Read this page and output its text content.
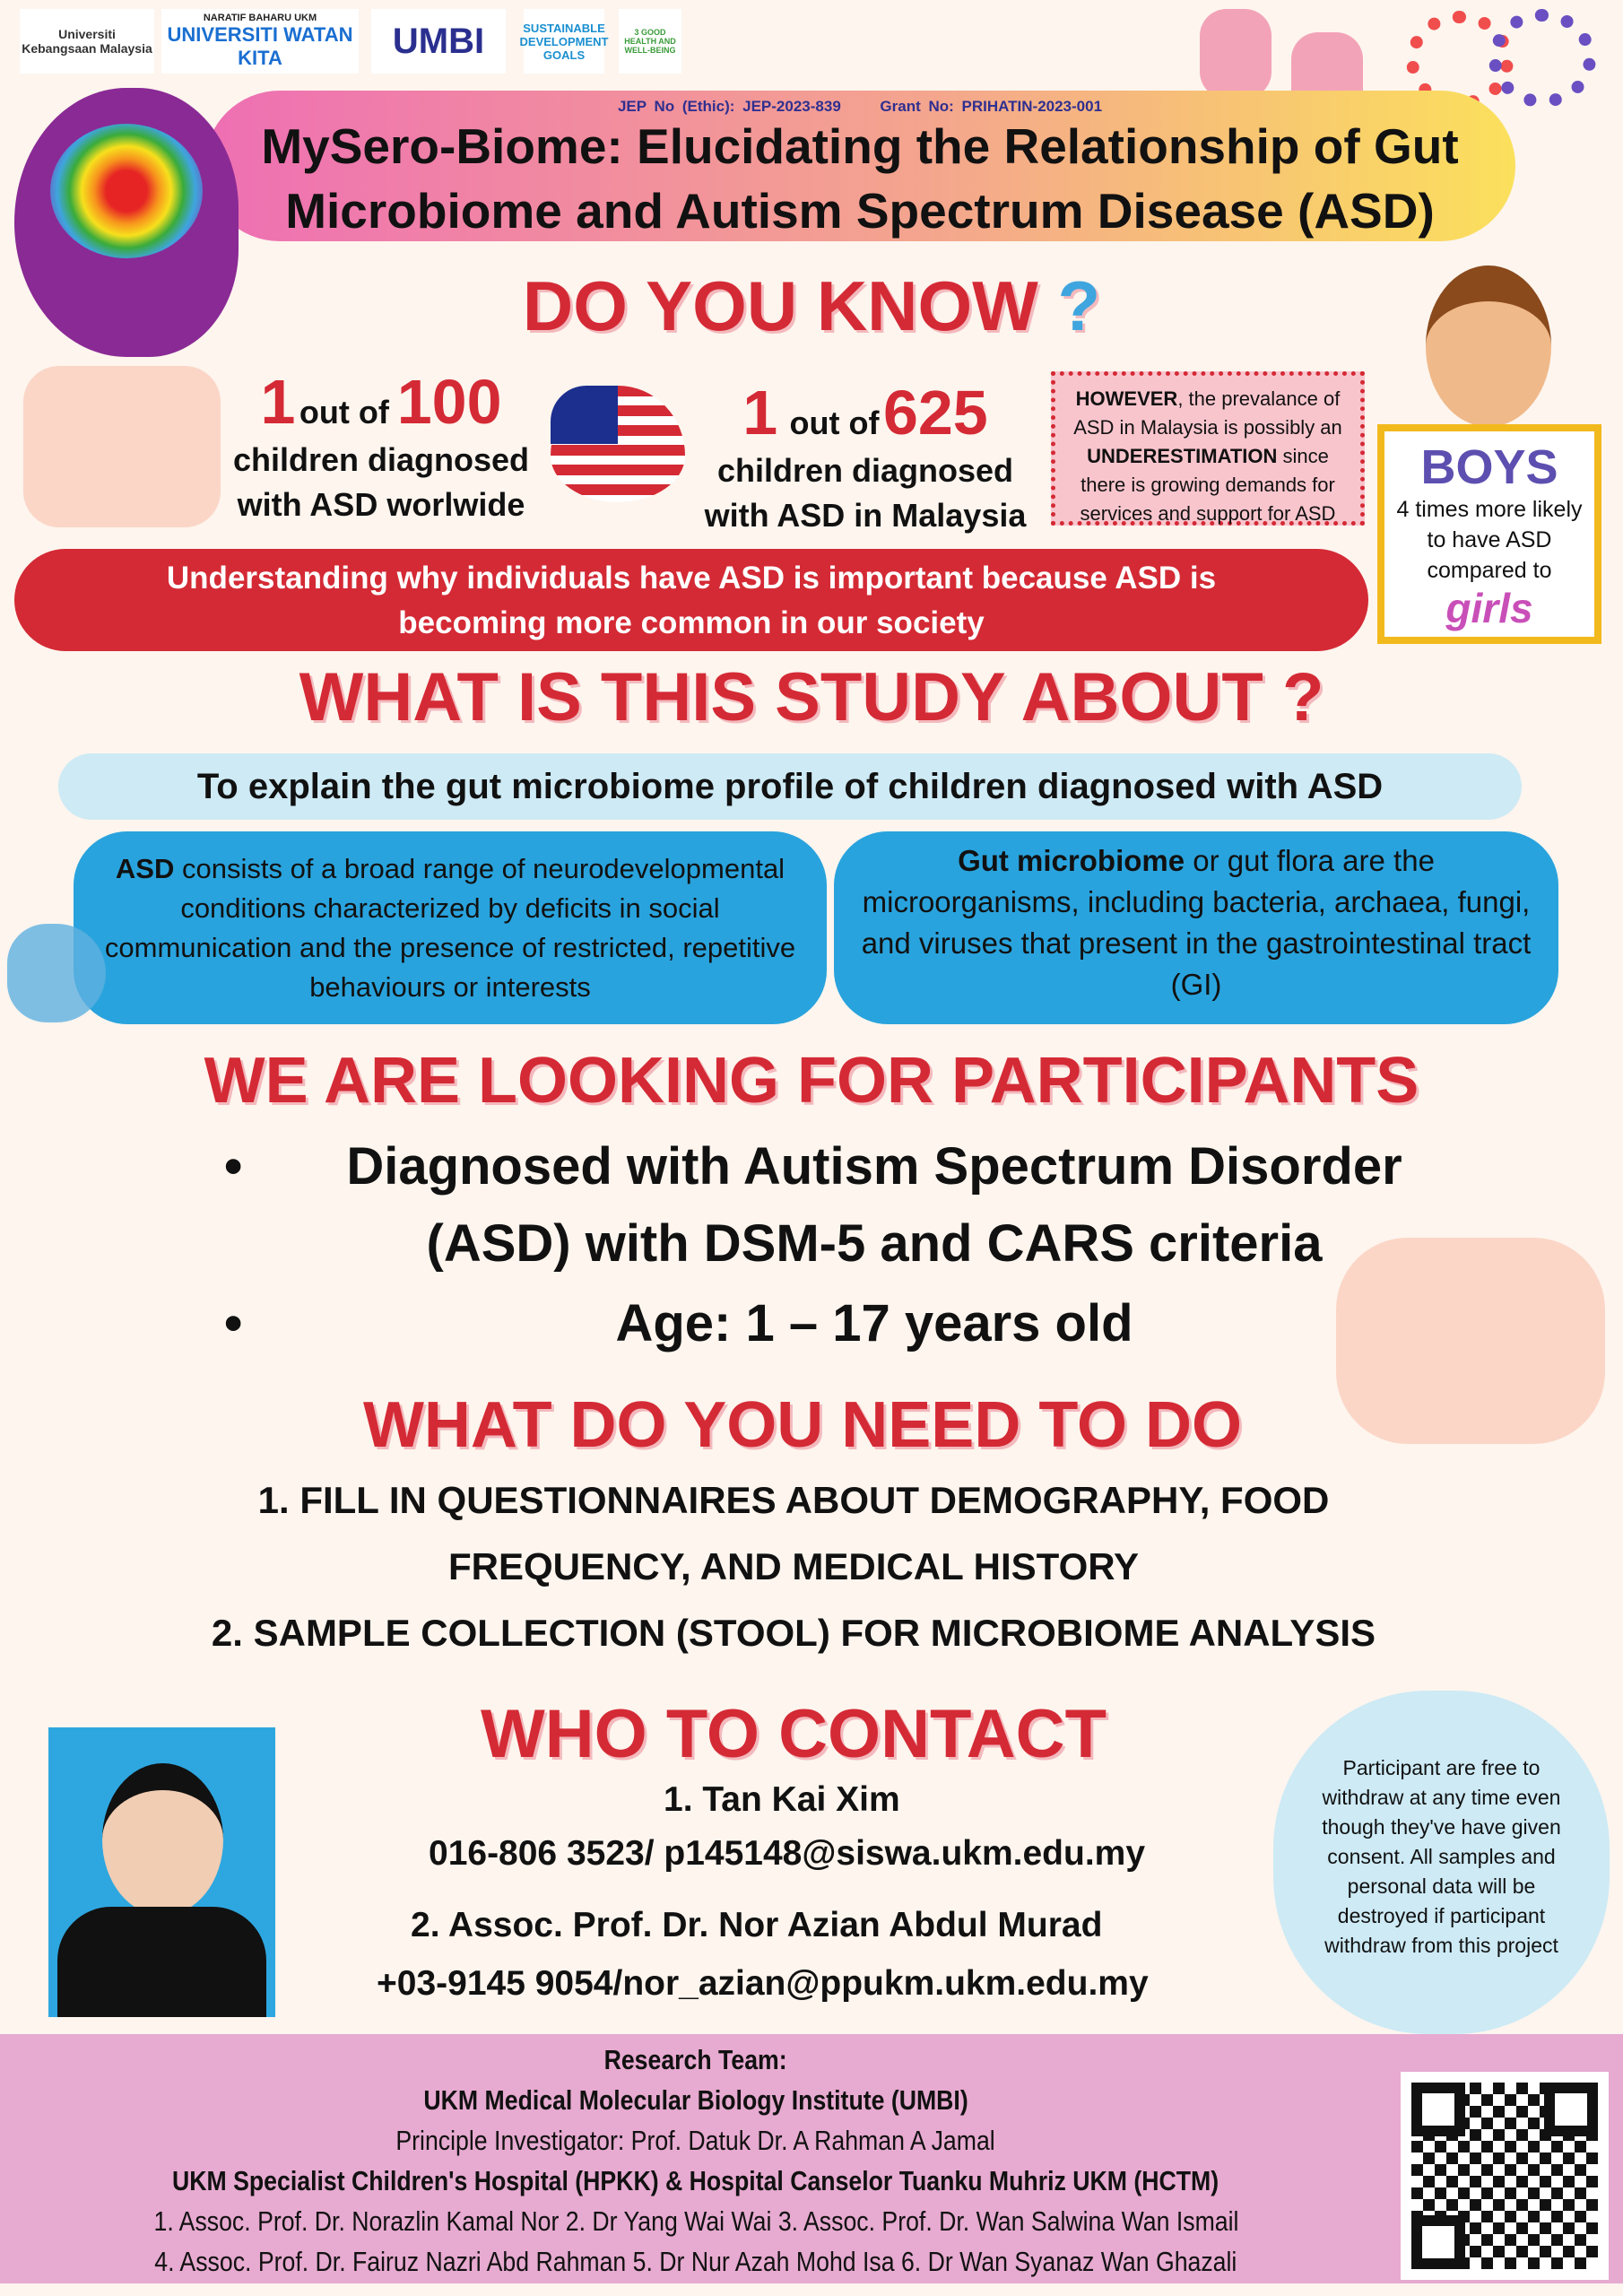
Universiti Kebangsaan Malaysia
NARATIF BAHARU UKM
UNIVERSITI WATAN KITA	UMBI	SUSTAINABLE DEVELOPMENT GOALS
3 GOOD HEALTH AND WELL-BEING
JEP No (Ethic): JEP-2023-839	Grant No: PRIHATIN-2023-001
MySero-Biome: Elucidating the Relationship of Gut
Microbiome and Autism Spectrum Disease (ASD)
DO YOU KNOW ?
1 out of 100
children diagnosed
with ASD worlwide
1 out of 625
children diagnosed
with ASD in Malaysia
HOWEVER, the prevalance of ASD in Malaysia is possibly an UNDERESTIMATION since there is growing demands for services and support for ASD
BOYS
4 times more likely
to have ASD
compared to
girls
Understanding why individuals have ASD is important because ASD is
becoming more common in our society
WHAT IS THIS STUDY ABOUT ?
To explain the gut microbiome profile of children diagnosed with ASD
ASD consists of a broad range of neurodevelopmental conditions characterized by deficits in social communication and the presence of restricted, repetitive behaviours or interests
Gut microbiome or gut flora are the microorganisms, including bacteria, archaea, fungi, and viruses that present in the gastrointestinal tract (GI)
WE ARE LOOKING FOR PARTICIPANTS
•	Diagnosed with Autism Spectrum Disorder
(ASD) with DSM-5 and CARS criteria
•	Age: 1 – 17 years old
WHAT DO YOU NEED TO DO
1. FILL IN QUESTIONNAIRES ABOUT DEMOGRAPHY, FOOD
FREQUENCY, AND MEDICAL HISTORY
2. SAMPLE COLLECTION (STOOL) FOR MICROBIOME ANALYSIS
WHO TO CONTACT
1. Tan Kai Xim
016-806 3523/ p145148@siswa.ukm.edu.my
2. Assoc. Prof. Dr. Nor Azian Abdul Murad
+03-9145 9054/nor_azian@ppukm.ukm.edu.my
Participant are free to withdraw at any time even though they've have given consent. All samples and personal data will be destroyed if participant withdraw from this project
Research Team:
UKM Medical Molecular Biology Institute (UMBI)
Principle Investigator: Prof. Datuk Dr. A Rahman A Jamal
UKM Specialist Children's Hospital (HPKK) & Hospital Canselor Tuanku Muhriz UKM (HCTM)
1. Assoc. Prof. Dr. Norazlin Kamal Nor 2. Dr Yang Wai Wai 3. Assoc. Prof. Dr. Wan Salwina Wan Ismail
4. Assoc. Prof. Dr. Fairuz Nazri Abd Rahman 5. Dr Nur Azah Mohd Isa 6. Dr Wan Syanaz Wan Ghazali
